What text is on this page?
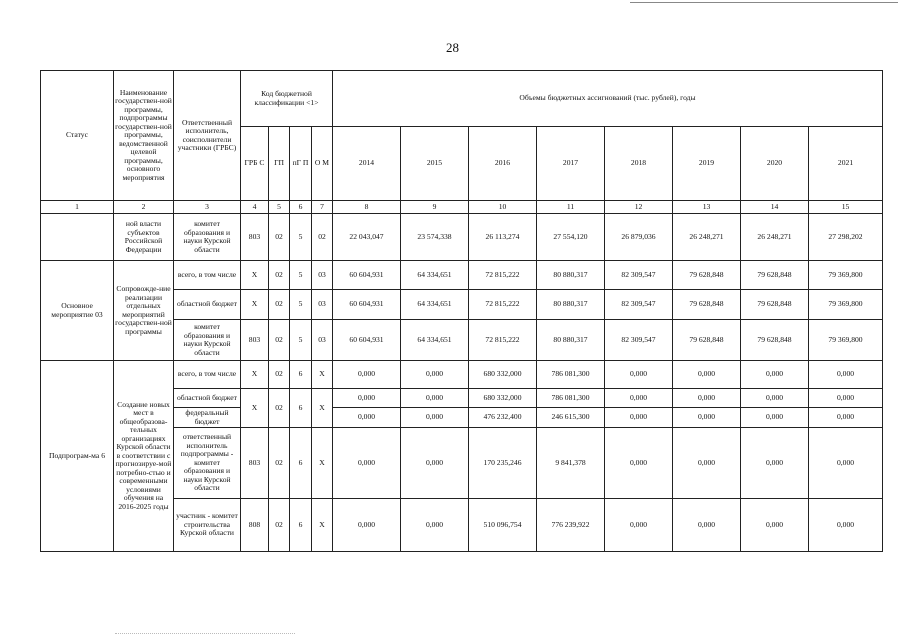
28
Статус	Наименование государствен-ной программы, подпрограммы государствен-ной программы, ведомственной целевой программы, основного мероприятия	Ответственный исполнитель, соисполнители участники (ГРБС)	Код бюджетной классификации <1>				Объемы бюджетных ассигнований (тыс. рублей), годы							
			ГРБ С	ГП	пГ П	О М	2014	2015	2016	2017	2018	2019	2020	2021
1	2	3	4	5	6	7	8	9	10	11	12	13	14	15
	ной власти субъектов Российской Федерации	комитет образования и науки Курской области	803	02	5	02	22 043,047	23 574,338	26 113,274	27 554,120	26 879,036	26 248,271	26 248,271	27 298,202
Основное мероприятие 03	Сопровожде-ние реализации отдельных мероприятий государствен-ной программы	всего, в том числе	Х	02	5	03	60 604,931	64 334,651	72 815,222	80 880,317	82 309,547	79 628,848	79 628,848	79 369,800
		областной бюджет	Х	02	5	03	60 604,931	64 334,651	72 815,222	80 880,317	82 309,547	79 628,848	79 628,848	79 369,800
		комитет образования и науки Курской области	803	02	5	03	60 604,931	64 334,651	72 815,222	80 880,317	82 309,547	79 628,848	79 628,848	79 369,800
Подпрограм-ма 6	Создание новых мест в общеобразова-тельных организациях Курской области в соответствии с прогнозируе-мой потребно-стью и современными условиями обучения на 2016-2025 годы	всего, в том числе	Х	02	6	Х	0,000	0,000	680 332,000	786 081,300	0,000	0,000	0,000	0,000
		областной бюджет	Х	02	6	Х	0,000	0,000	680 332,000	786 081,300	0,000	0,000	0,000	0,000
		федеральный бюджет					0,000	0,000	476 232,400	246 615,300	0,000	0,000	0,000	0,000
		ответственный исполнитель подпрограммы - комитет образования и науки Курской области	803	02	6	Х	0,000	0,000	170 235,246	9 841,378	0,000	0,000	0,000	0,000
		участник - комитет строительства Курской области	808	02	6	Х	0,000	0,000	510 096,754	776 239,922	0,000	0,000	0,000	0,000
